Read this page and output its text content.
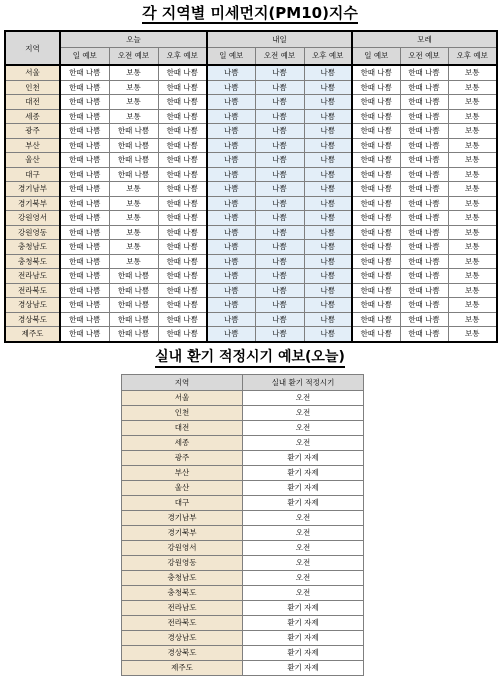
각 지역별 미세먼지(PM10)지수
지역	오늘			내일			모레		
	일 예보	오전 예보	오후 예보	일 예보	오전 예보	오후 예보	일 예보	오전 예보	오후 예보
서울	한때 나쁨	보통	한때 나쁨	나쁨	나쁨	나쁨	한때 나쁨	한때 나쁨	보통
인천	한때 나쁨	보통	한때 나쁨	나쁨	나쁨	나쁨	한때 나쁨	한때 나쁨	보통
대전	한때 나쁨	보통	한때 나쁨	나쁨	나쁨	나쁨	한때 나쁨	한때 나쁨	보통
세종	한때 나쁨	보통	한때 나쁨	나쁨	나쁨	나쁨	한때 나쁨	한때 나쁨	보통
광주	한때 나쁨	한때 나쁨	한때 나쁨	나쁨	나쁨	나쁨	한때 나쁨	한때 나쁨	보통
부산	한때 나쁨	한때 나쁨	한때 나쁨	나쁨	나쁨	나쁨	한때 나쁨	한때 나쁨	보통
울산	한때 나쁨	한때 나쁨	한때 나쁨	나쁨	나쁨	나쁨	한때 나쁨	한때 나쁨	보통
대구	한때 나쁨	한때 나쁨	한때 나쁨	나쁨	나쁨	나쁨	한때 나쁨	한때 나쁨	보통
경기남부	한때 나쁨	보통	한때 나쁨	나쁨	나쁨	나쁨	한때 나쁨	한때 나쁨	보통
경기북부	한때 나쁨	보통	한때 나쁨	나쁨	나쁨	나쁨	한때 나쁨	한때 나쁨	보통
강원영서	한때 나쁨	보통	한때 나쁨	나쁨	나쁨	나쁨	한때 나쁨	한때 나쁨	보통
강원영동	한때 나쁨	보통	한때 나쁨	나쁨	나쁨	나쁨	한때 나쁨	한때 나쁨	보통
충청남도	한때 나쁨	보통	한때 나쁨	나쁨	나쁨	나쁨	한때 나쁨	한때 나쁨	보통
충청북도	한때 나쁨	보통	한때 나쁨	나쁨	나쁨	나쁨	한때 나쁨	한때 나쁨	보통
전라남도	한때 나쁨	한때 나쁨	한때 나쁨	나쁨	나쁨	나쁨	한때 나쁨	한때 나쁨	보통
전라북도	한때 나쁨	한때 나쁨	한때 나쁨	나쁨	나쁨	나쁨	한때 나쁨	한때 나쁨	보통
경상남도	한때 나쁨	한때 나쁨	한때 나쁨	나쁨	나쁨	나쁨	한때 나쁨	한때 나쁨	보통
경상북도	한때 나쁨	한때 나쁨	한때 나쁨	나쁨	나쁨	나쁨	한때 나쁨	한때 나쁨	보통
제주도	한때 나쁨	한때 나쁨	한때 나쁨	나쁨	나쁨	나쁨	한때 나쁨	한때 나쁨	보통
실내 환기 적정시기 예보(오늘)
지역	실내 환기 적정시기
서울	오전
인천	오전
대전	오전
세종	오전
광주	환기 자제
부산	환기 자제
울산	환기 자제
대구	환기 자제
경기남부	오전
경기북부	오전
강원영서	오전
강원영동	오전
충청남도	오전
충청북도	오전
전라남도	환기 자제
전라북도	환기 자제
경상남도	환기 자제
경상북도	환기 자제
제주도	환기 자제
